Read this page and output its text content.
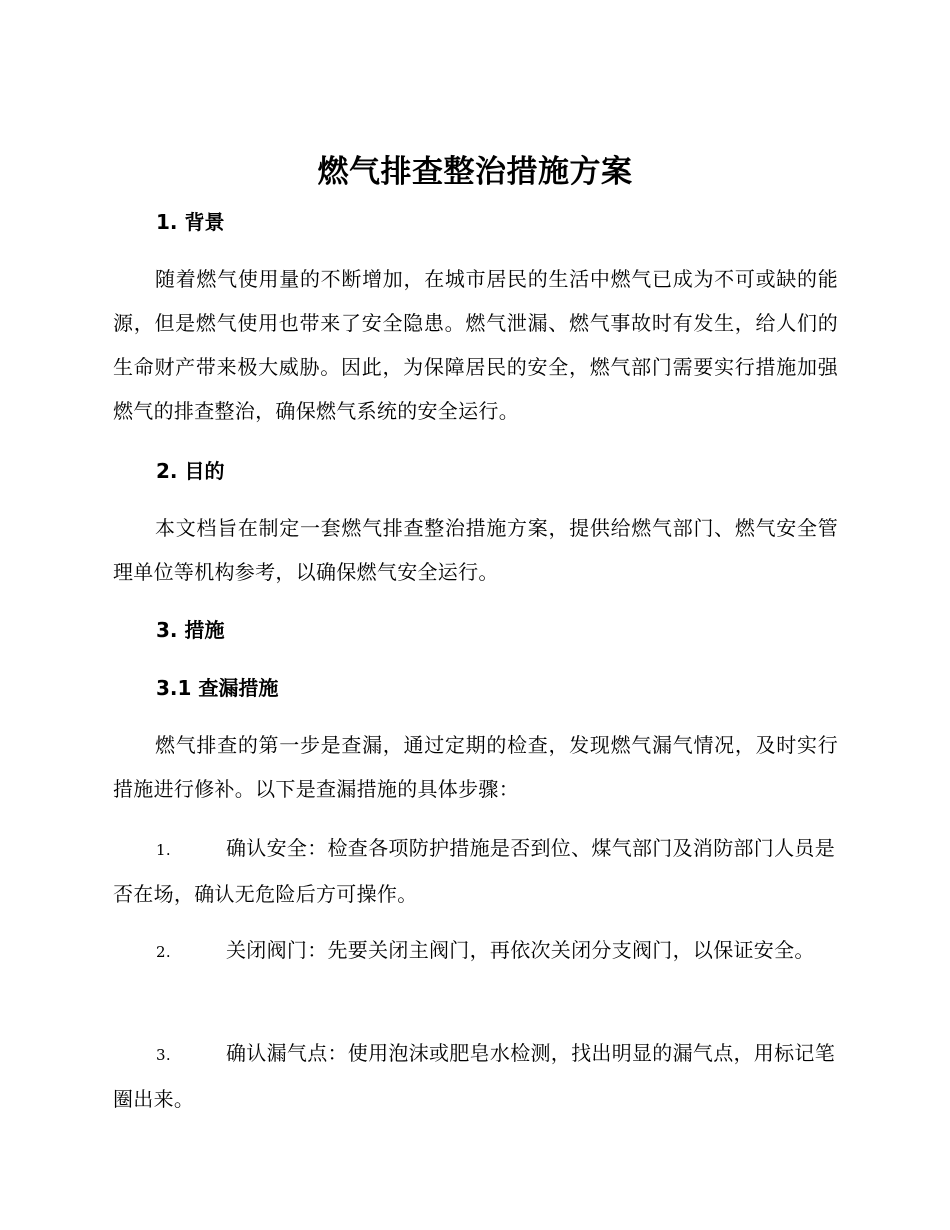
燃气排查整治措施方案
1. 背景
随着燃气使用量的不断增加，在城市居民的生活中燃气已成为不可或缺的能源，但是燃气使用也带来了安全隐患。燃气泄漏、燃气事故时有发生，给人们的生命财产带来极大威胁。因此，为保障居民的安全，燃气部门需要实行措施加强燃气的排查整治，确保燃气系统的安全运行。
2. 目的
本文档旨在制定一套燃气排查整治措施方案，提供给燃气部门、燃气安全管理单位等机构参考，以确保燃气安全运行。
3. 措施
3.1 查漏措施
燃气排查的第一步是查漏，通过定期的检查，发现燃气漏气情况，及时实行措施进行修补。以下是查漏措施的具体步骤：
1.	确认安全：检查各项防护措施是否到位、煤气部门及消防部门人员是否在场，确认无危险后方可操作。
2.	关闭阀门：先要关闭主阀门，再依次关闭分支阀门，以保证安全。
3.	确认漏气点：使用泡沫或肥皂水检测，找出明显的漏气点，用标记笔圈出来。
